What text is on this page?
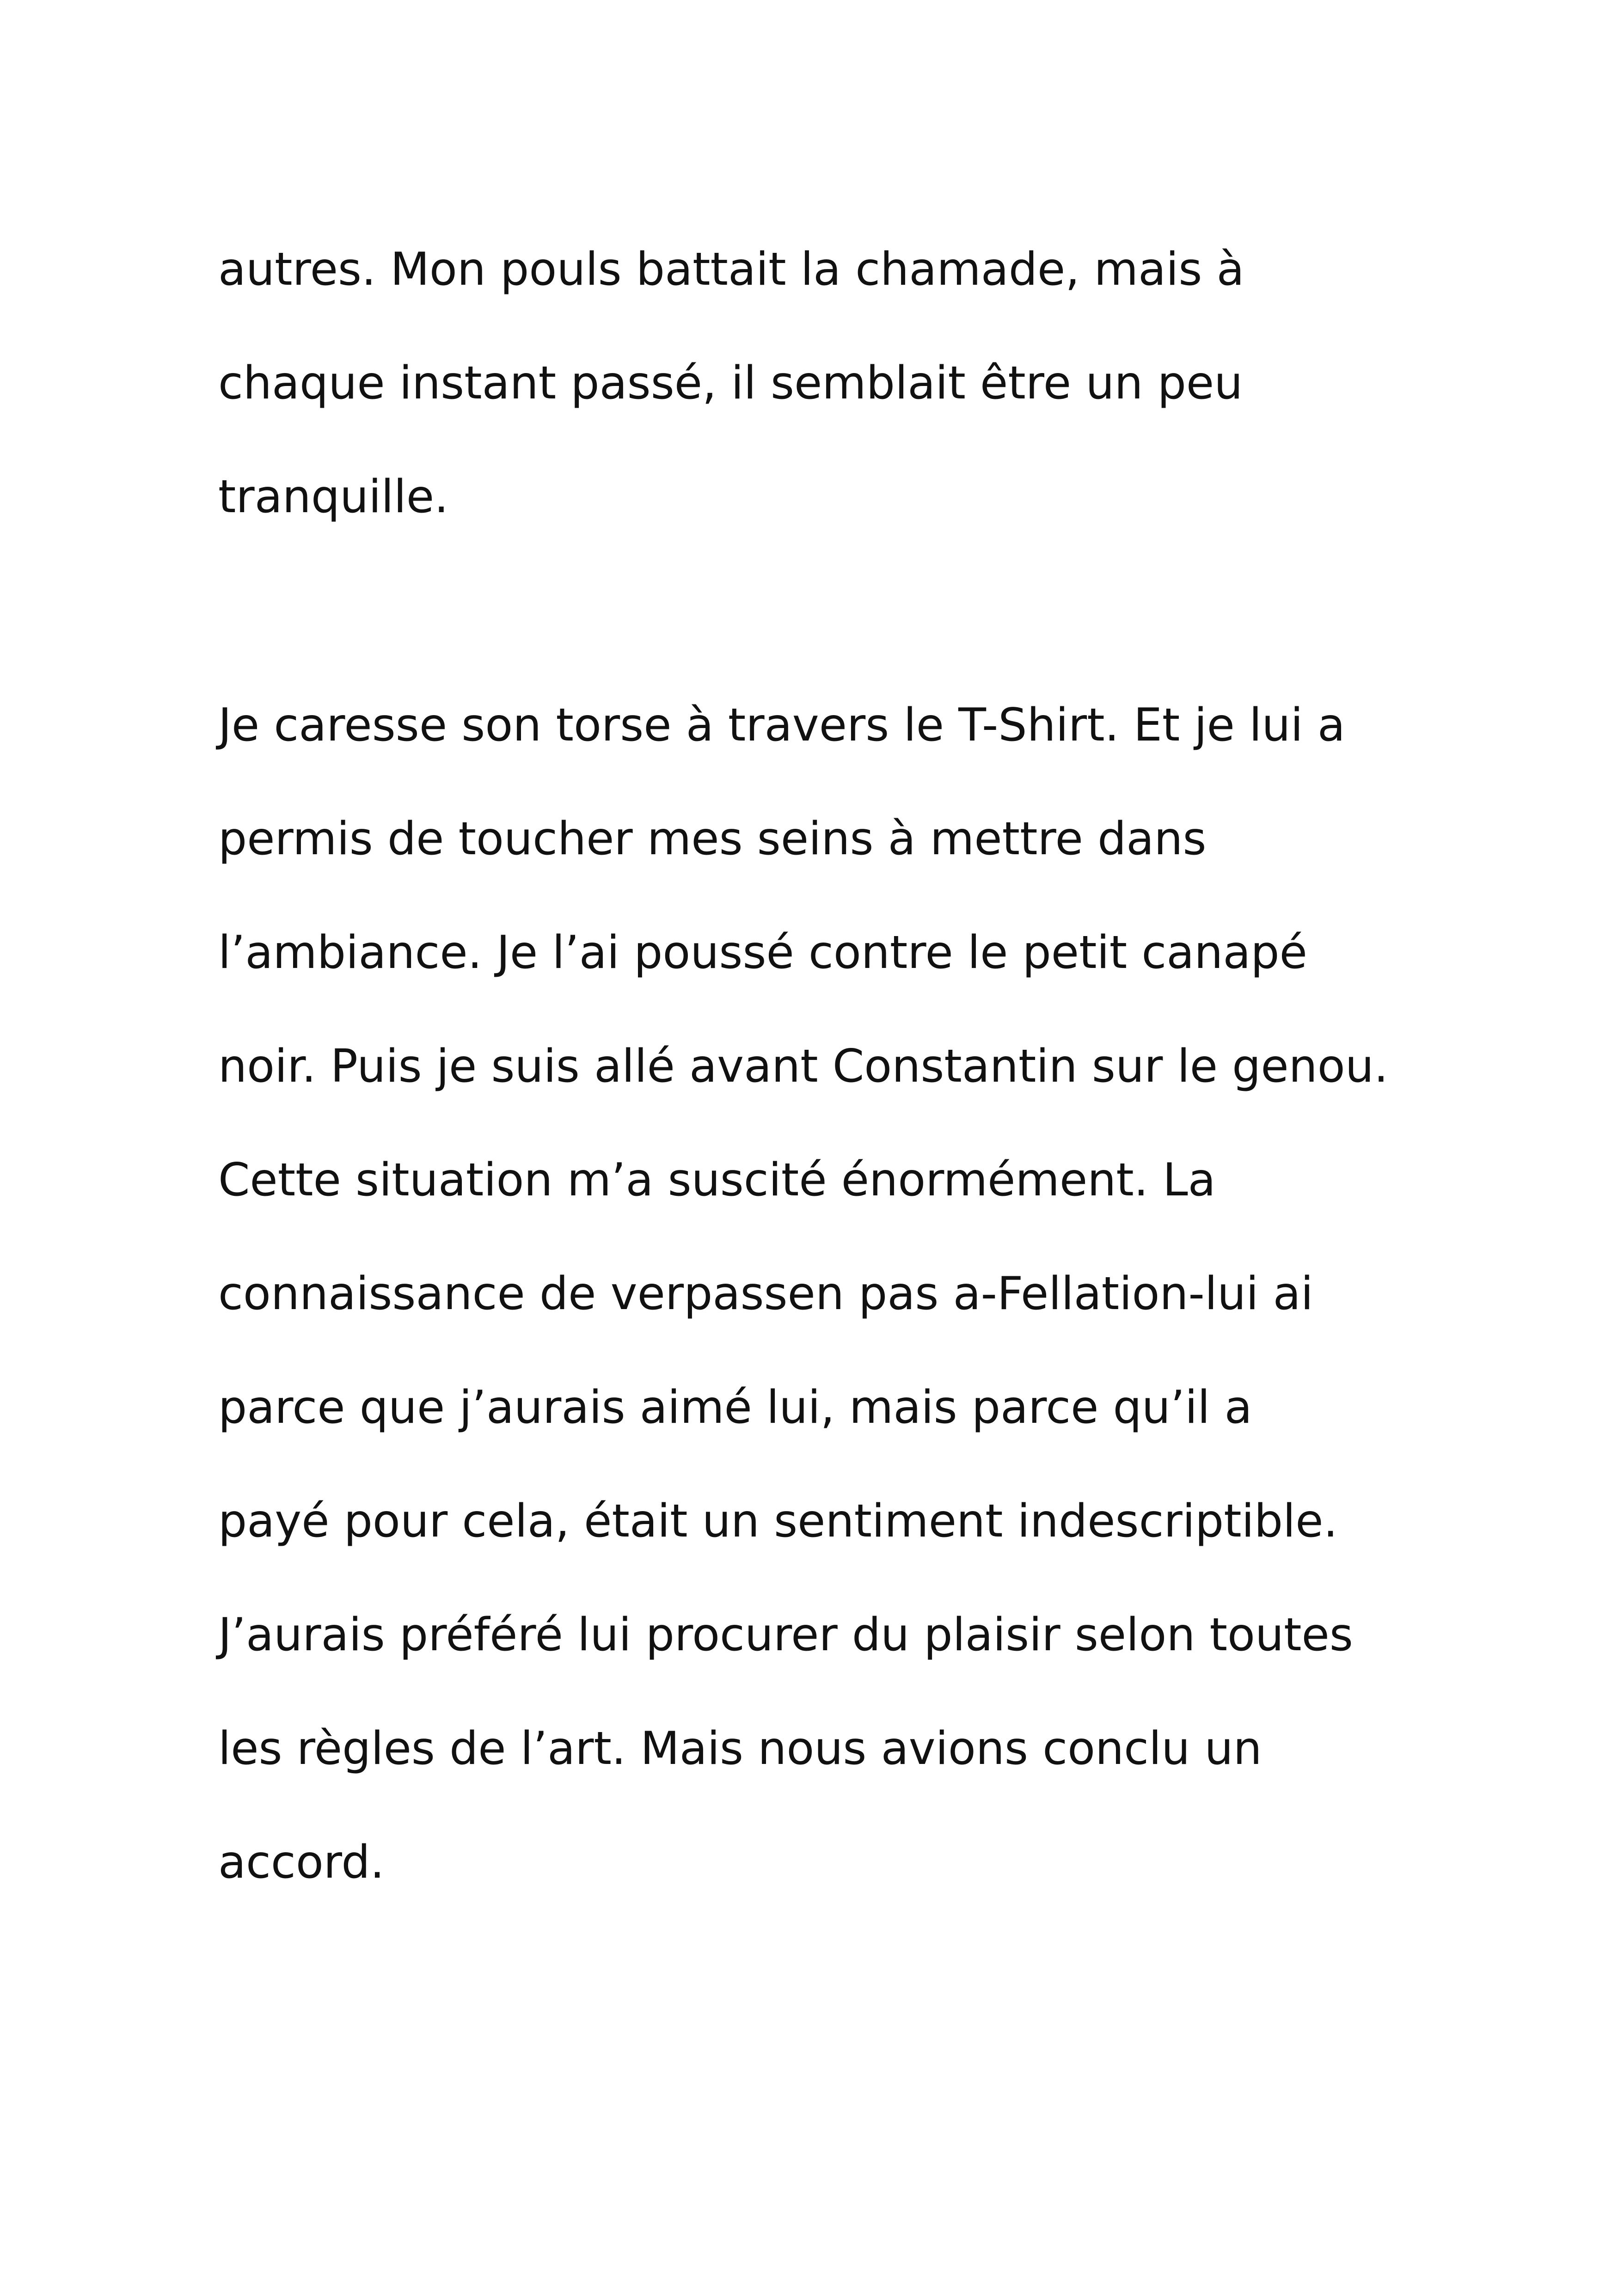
autres. Mon pouls battait la chamade, mais à
chaque instant passé, il semblait être un peu
tranquille.
Je caresse son torse à travers le T-Shirt. Et je lui a
permis de toucher mes seins à mettre dans
l’ambiance. Je l’ai poussé contre le petit canapé
noir. Puis je suis allé avant Constantin sur le genou.
Cette situation m’a suscité énormément. La
connaissance de verpassen pas a-Fellation-lui ai
parce que j’aurais aimé lui, mais parce qu’il a
payé pour cela, était un sentiment indescriptible.
J’aurais préféré lui procurer du plaisir selon toutes
les règles de l’art. Mais nous avions conclu un
accord.
